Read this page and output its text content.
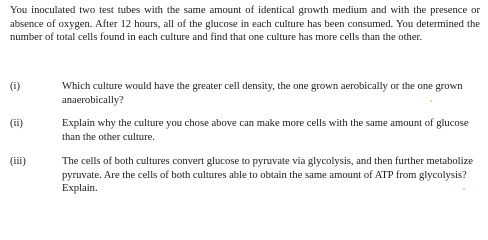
You inoculated two test tubes with the same amount of identical growth medium and with the presence or absence of oxygen. After 12 hours, all of the glucose in each culture has been consumed. You determined the number of total cells found in each culture and find that one culture has more cells than the other.

(i)	Which culture would have the greater cell density, the one grown aerobically or the one grown anaerobically?

(ii)	Explain why the culture you chose above can make more cells with the same amount of glucose than the other culture.

(iii)	The cells of both cultures convert glucose to pyruvate via glycolysis, and then further metabolize pyruvate. Are the cells of both cultures able to obtain the same amount of ATP from glycolysis? Explain.
